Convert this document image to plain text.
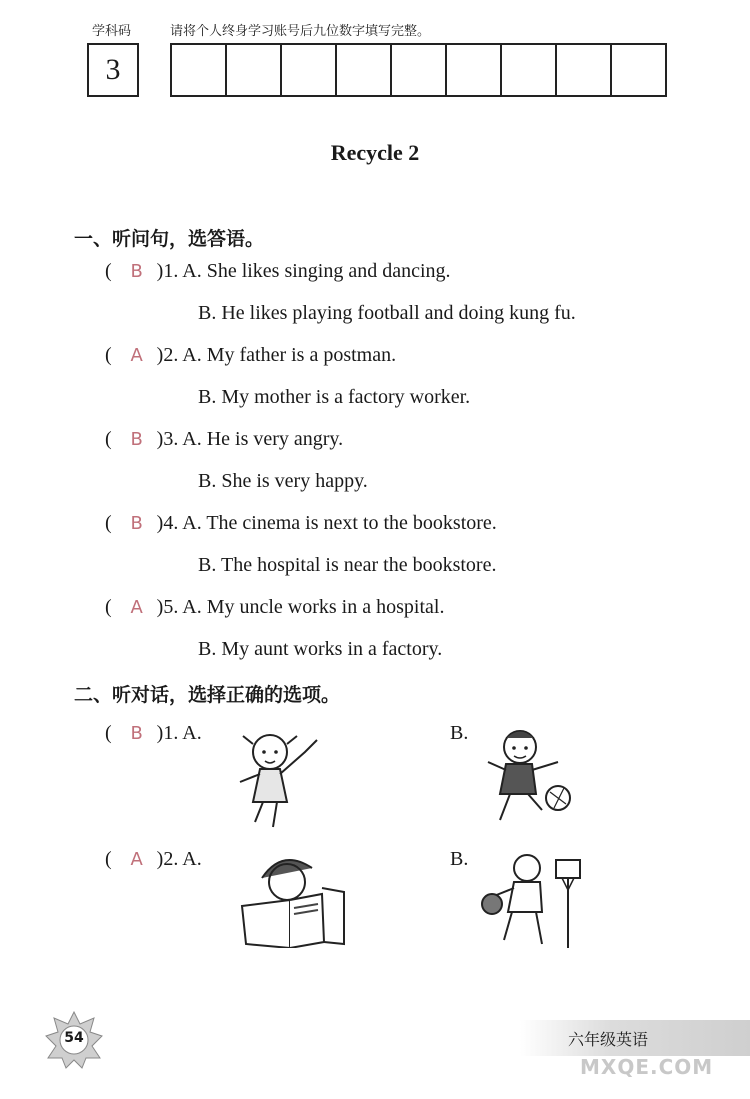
学科码	请将个人终身学习账号后九位数字填写完整。
3
Recycle 2
一、听问句，选答语。
( B )1. A. She likes singing and dancing.
B. He likes playing football and doing kung fu.
( A )2. A. My father is a postman.
B. My mother is a factory worker.
( B )3. A. He is very angry.
B. She is very happy.
( B )4. A. The cinema is next to the bookstore.
B. The hospital is near the bookstore.
( A )5. A. My uncle works in a hospital.
B. My aunt works in a factory.
二、听对话，选择正确的选项。
( B )1. A.	B.
( A )2. A.	B.
54	六年级英语
MXQE.COM
